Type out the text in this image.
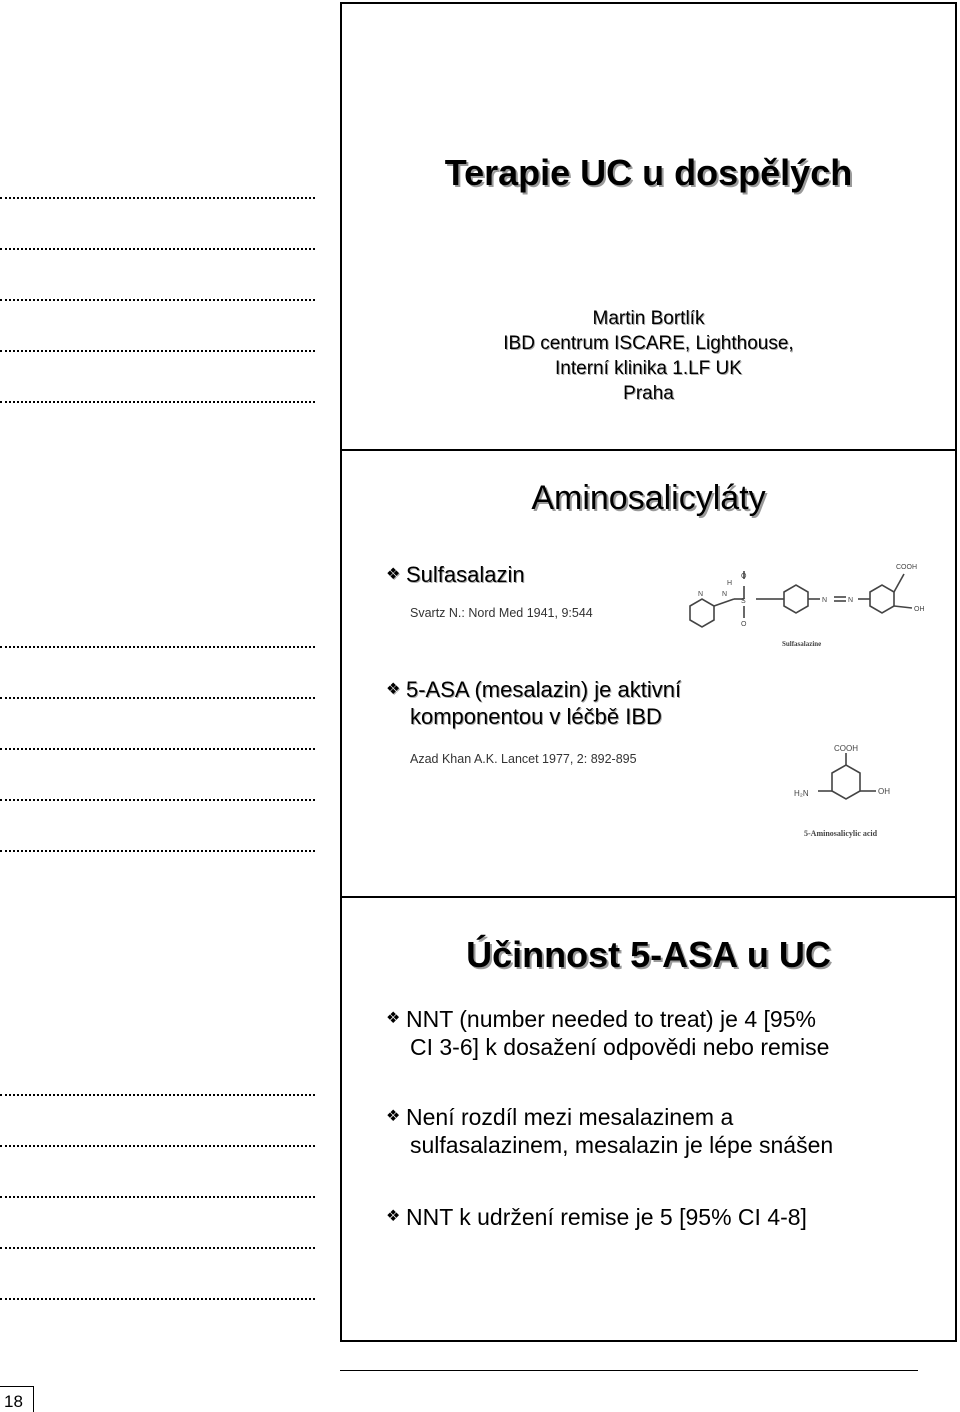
Terapie UC u dospělých
Martin Bortlík
IBD centrum ISCARE, Lighthouse,
Interní klinika 1.LF UK
Praha
Aminosalicyláty
❖ Sulfasalazin
Svartz N.: Nord Med 1941, 9:544
N	N
H
O
S
O
N	N
COOH
OH
Sulfasalazine
❖ 5-ASA (mesalazin) je aktivní
komponentou v léčbě IBD
Azad Khan A.K. Lancet 1977, 2: 892-895
COOH
OH
H₂N
5-Aminosalicylic acid
Účinnost 5-ASA u UC
❖ NNT (number needed to treat) je 4 [95%
CI 3-6] k dosažení odpovědi nebo remise
❖ Není rozdíl mezi mesalazinem a
sulfasalazinem, mesalazin je lépe snášen
❖ NNT k udržení remise je 5 [95% CI 4-8]
18
